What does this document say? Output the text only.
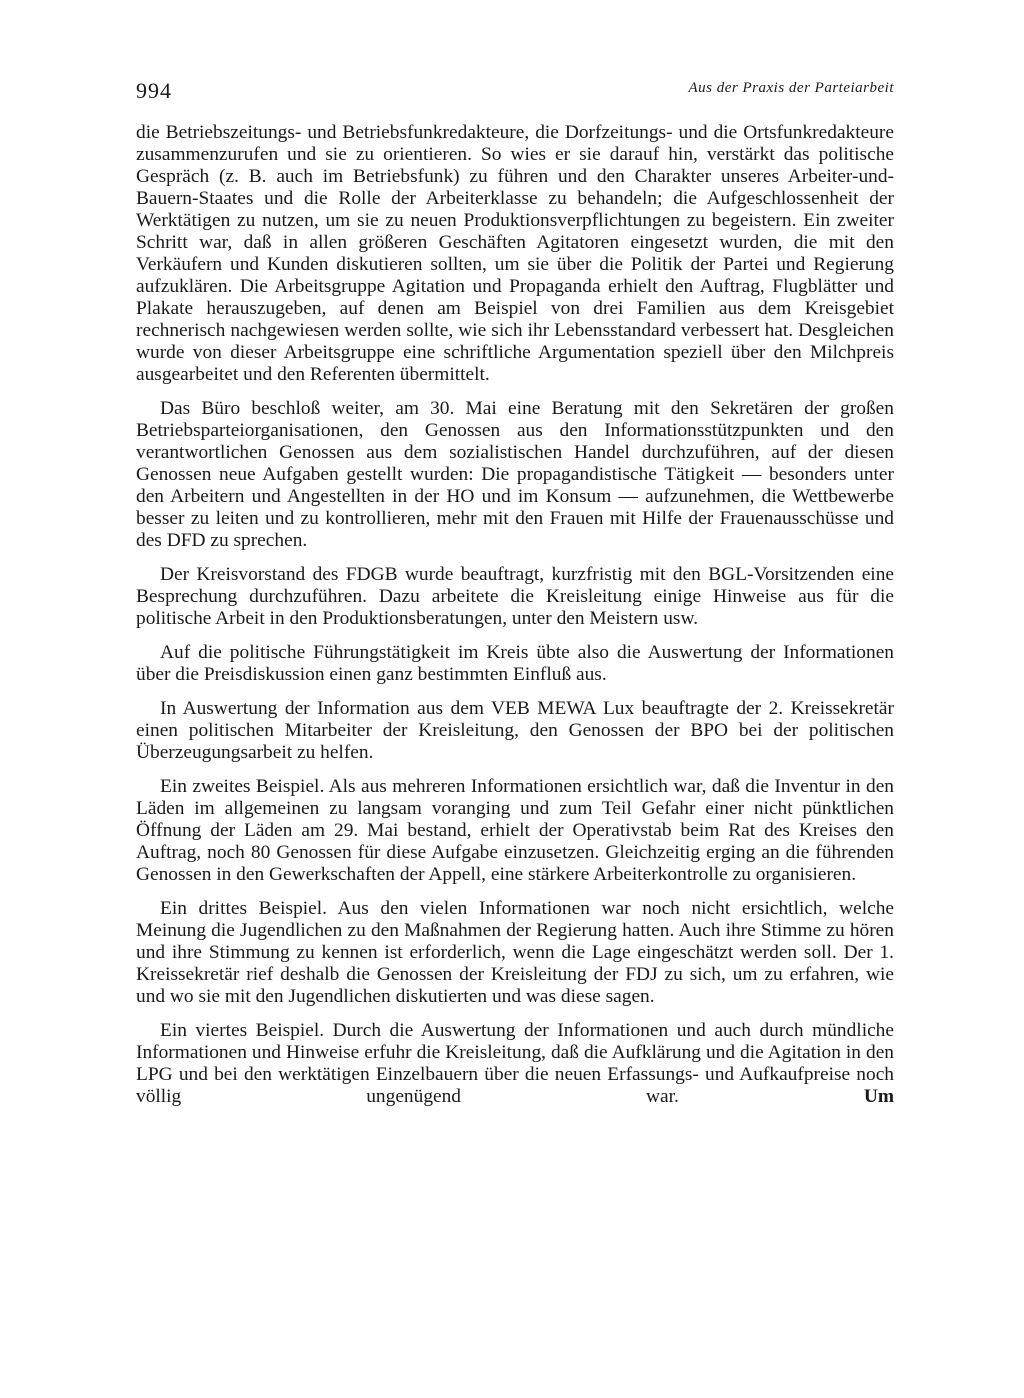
994	Aus der Praxis der Parteiarbeit

die Betriebszeitungs- und Betriebsfunkredakteure, die Dorfzeitungs- und die Ortsfunkredakteure zusammenzurufen und sie zu orientieren. So wies er sie darauf hin, verstärkt das politische Gespräch (z. B. auch im Betriebsfunk) zu führen und den Charakter unseres Arbeiter-und-Bauern-Staates und die Rolle der Arbeiterklasse zu behandeln; die Aufgeschlossenheit der Werktätigen zu nutzen, um sie zu neuen Produktionsverpflichtungen zu begeistern. Ein zweiter Schritt war, daß in allen größeren Geschäften Agitatoren eingesetzt wurden, die mit den Verkäufern und Kunden diskutieren sollten, um sie über die Politik der Partei und Regierung aufzuklären. Die Arbeitsgruppe Agitation und Propaganda erhielt den Auftrag, Flugblätter und Plakate herauszugeben, auf denen am Beispiel von drei Familien aus dem Kreisgebiet rechnerisch nachgewiesen werden sollte, wie sich ihr Lebensstandard verbessert hat. Desgleichen wurde von dieser Arbeitsgruppe eine schriftliche Argumentation speziell über den Milchpreis ausgearbeitet und den Referenten übermittelt.

Das Büro beschloß weiter, am 30. Mai eine Beratung mit den Sekretären der großen Betriebsparteiorganisationen, den Genossen aus den Informationsstützpunkten und den verantwortlichen Genossen aus dem sozialistischen Handel durchzuführen, auf der diesen Genossen neue Aufgaben gestellt wurden: Die propagandistische Tätigkeit — besonders unter den Arbeitern und Angestellten in der HO und im Konsum — aufzunehmen, die Wettbewerbe besser zu leiten und zu kontrollieren, mehr mit den Frauen mit Hilfe der Frauenausschüsse und des DFD zu sprechen.

Der Kreisvorstand des FDGB wurde beauftragt, kurzfristig mit den BGL-Vorsitzenden eine Besprechung durchzuführen. Dazu arbeitete die Kreisleitung einige Hinweise aus für die politische Arbeit in den Produktionsberatungen, unter den Meistern usw.

Auf die politische Führungstätigkeit im Kreis übte also die Auswertung der Informationen über die Preisdiskussion einen ganz bestimmten Einfluß aus.

In Auswertung der Information aus dem VEB MEWA Lux beauftragte der 2. Kreissekretär einen politischen Mitarbeiter der Kreisleitung, den Genossen der BPO bei der politischen Überzeugungsarbeit zu helfen.

Ein zweites Beispiel. Als aus mehreren Informationen ersichtlich war, daß die Inventur in den Läden im allgemeinen zu langsam voranging und zum Teil Gefahr einer nicht pünktlichen Öffnung der Läden am 29. Mai bestand, erhielt der Operativstab beim Rat des Kreises den Auftrag, noch 80 Genossen für diese Aufgabe einzusetzen. Gleichzeitig erging an die führenden Genossen in den Gewerkschaften der Appell, eine stärkere Arbeiterkontrolle zu organisieren.

Ein drittes Beispiel. Aus den vielen Informationen war noch nicht ersichtlich, welche Meinung die Jugendlichen zu den Maßnahmen der Regierung hatten. Auch ihre Stimme zu hören und ihre Stimmung zu kennen ist erforderlich, wenn die Lage eingeschätzt werden soll. Der 1. Kreissekretär rief deshalb die Genossen der Kreisleitung der FDJ zu sich, um zu erfahren, wie und wo sie mit den Jugendlichen diskutierten und was diese sagen.

Ein viertes Beispiel. Durch die Auswertung der Informationen und auch durch mündliche Informationen und Hinweise erfuhr die Kreisleitung, daß die Aufklärung und die Agitation in den LPG und bei den werktätigen Einzelbauern über die neuen Erfassungs- und Aufkaufpreise noch völlig ungenügend war.	Um
